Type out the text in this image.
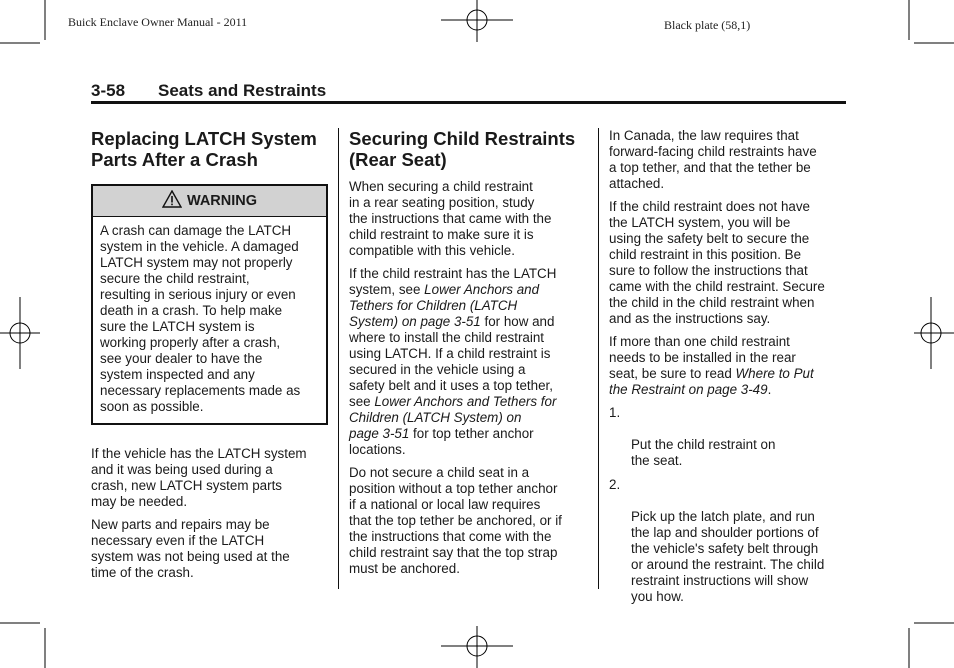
Buick Enclave Owner Manual - 2011	Black plate (58,1)
3-58 Seats and Restraints
Replacing LATCH System
Parts After a Crash
WARNING
A crash can damage the LATCH
system in the vehicle. A damaged
LATCH system may not properly
secure the child restraint,
resulting in serious injury or even
death in a crash. To help make
sure the LATCH system is
working properly after a crash,
see your dealer to have the
system inspected and any
necessary replacements made as
soon as possible.

If the vehicle has the LATCH system
and it was being used during a
crash, new LATCH system parts
may be needed.

New parts and repairs may be
necessary even if the LATCH
system was not being used at the
time of the crash.

Securing Child Restraints
(Rear Seat)

When securing a child restraint
in a rear seating position, study
the instructions that came with the
child restraint to make sure it is
compatible with this vehicle.

If the child restraint has the LATCH
system, see Lower Anchors and
Tethers for Children (LATCH
System) on page 3-51 for how and
where to install the child restraint
using LATCH. If a child restraint is
secured in the vehicle using a
safety belt and it uses a top tether,
see Lower Anchors and Tethers for
Children (LATCH System) on
page 3-51 for top tether anchor
locations.

Do not secure a child seat in a
position without a top tether anchor
if a national or local law requires
that the top tether be anchored, or if
the instructions that come with the
child restraint say that the top strap
must be anchored.

In Canada, the law requires that
forward-facing child restraints have
a top tether, and that the tether be
attached.

If the child restraint does not have
the LATCH system, you will be
using the safety belt to secure the
child restraint in this position. Be
sure to follow the instructions that
came with the child restraint. Secure
the child in the child restraint when
and as the instructions say.

If more than one child restraint
needs to be installed in the rear
seat, be sure to read Where to Put
the Restraint on page 3-49.

1.

Put the child restraint on
the seat.

2.

Pick up the latch plate, and run
the lap and shoulder portions of
the vehicle's safety belt through
or around the restraint. The child
restraint instructions will show
you how.
